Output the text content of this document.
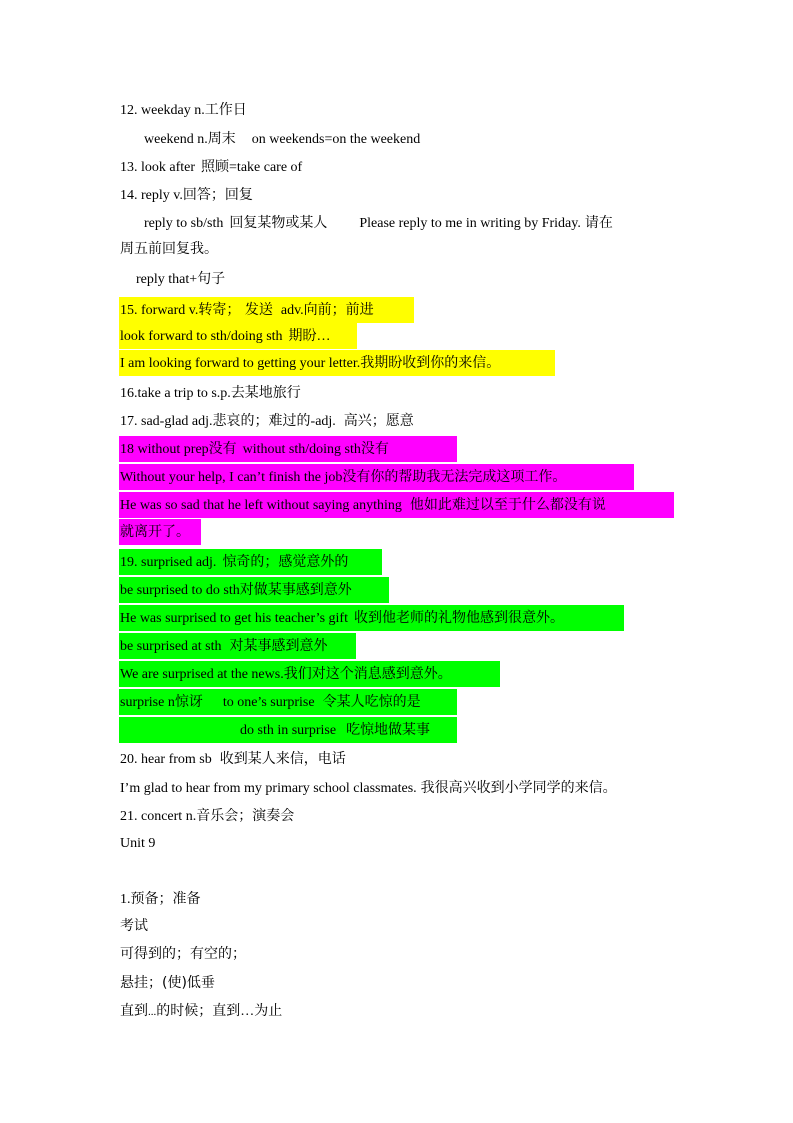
12. weekday n.工作日
weekend n.周末 on weekends=on the weekend
13. look after 照顾=take care of
14. reply v.回答；回复
reply to sb/sth 回复某物或某人 Please reply to me in writing by Friday. 请在
周五前回复我。
reply that+句子
15. forward v.转寄； 发送 adv.向前；前进
look forward to sth/doing sth 期盼…
I am looking forward to getting your letter.我期盼收到你的来信。
16.take a trip to s.p.去某地旅行
17. sad-glad adj.悲哀的；难过的-adj. 高兴；愿意
18 without prep没有 without sth/doing sth没有
Without your help, I can’t finish the job没有你的帮助我无法完成这项工作。
He was so sad that he left without saying anything 他如此难过以至于什么都没有说
就离开了。
19. surprised adj. 惊奇的；感觉意外的
be surprised to do sth对做某事感到意外
He was surprised to get his teacher’s gift 收到他老师的礼物他感到很意外。
be surprised at sth 对某事感到意外
We are surprised at the news.我们对这个消息感到意外。
surprise n惊讶 to one’s surprise 令某人吃惊的是
do sth in surprise 吃惊地做某事
20. hear from sb 收到某人来信，电话
I’m glad to hear from my primary school classmates. 我很高兴收到小学同学的来信。
21. concert n.音乐会；演奏会
Unit 9
1.预备；准备
考试
可得到的；有空的；
悬挂；(使)低垂
直到...的时候；直到…为止
